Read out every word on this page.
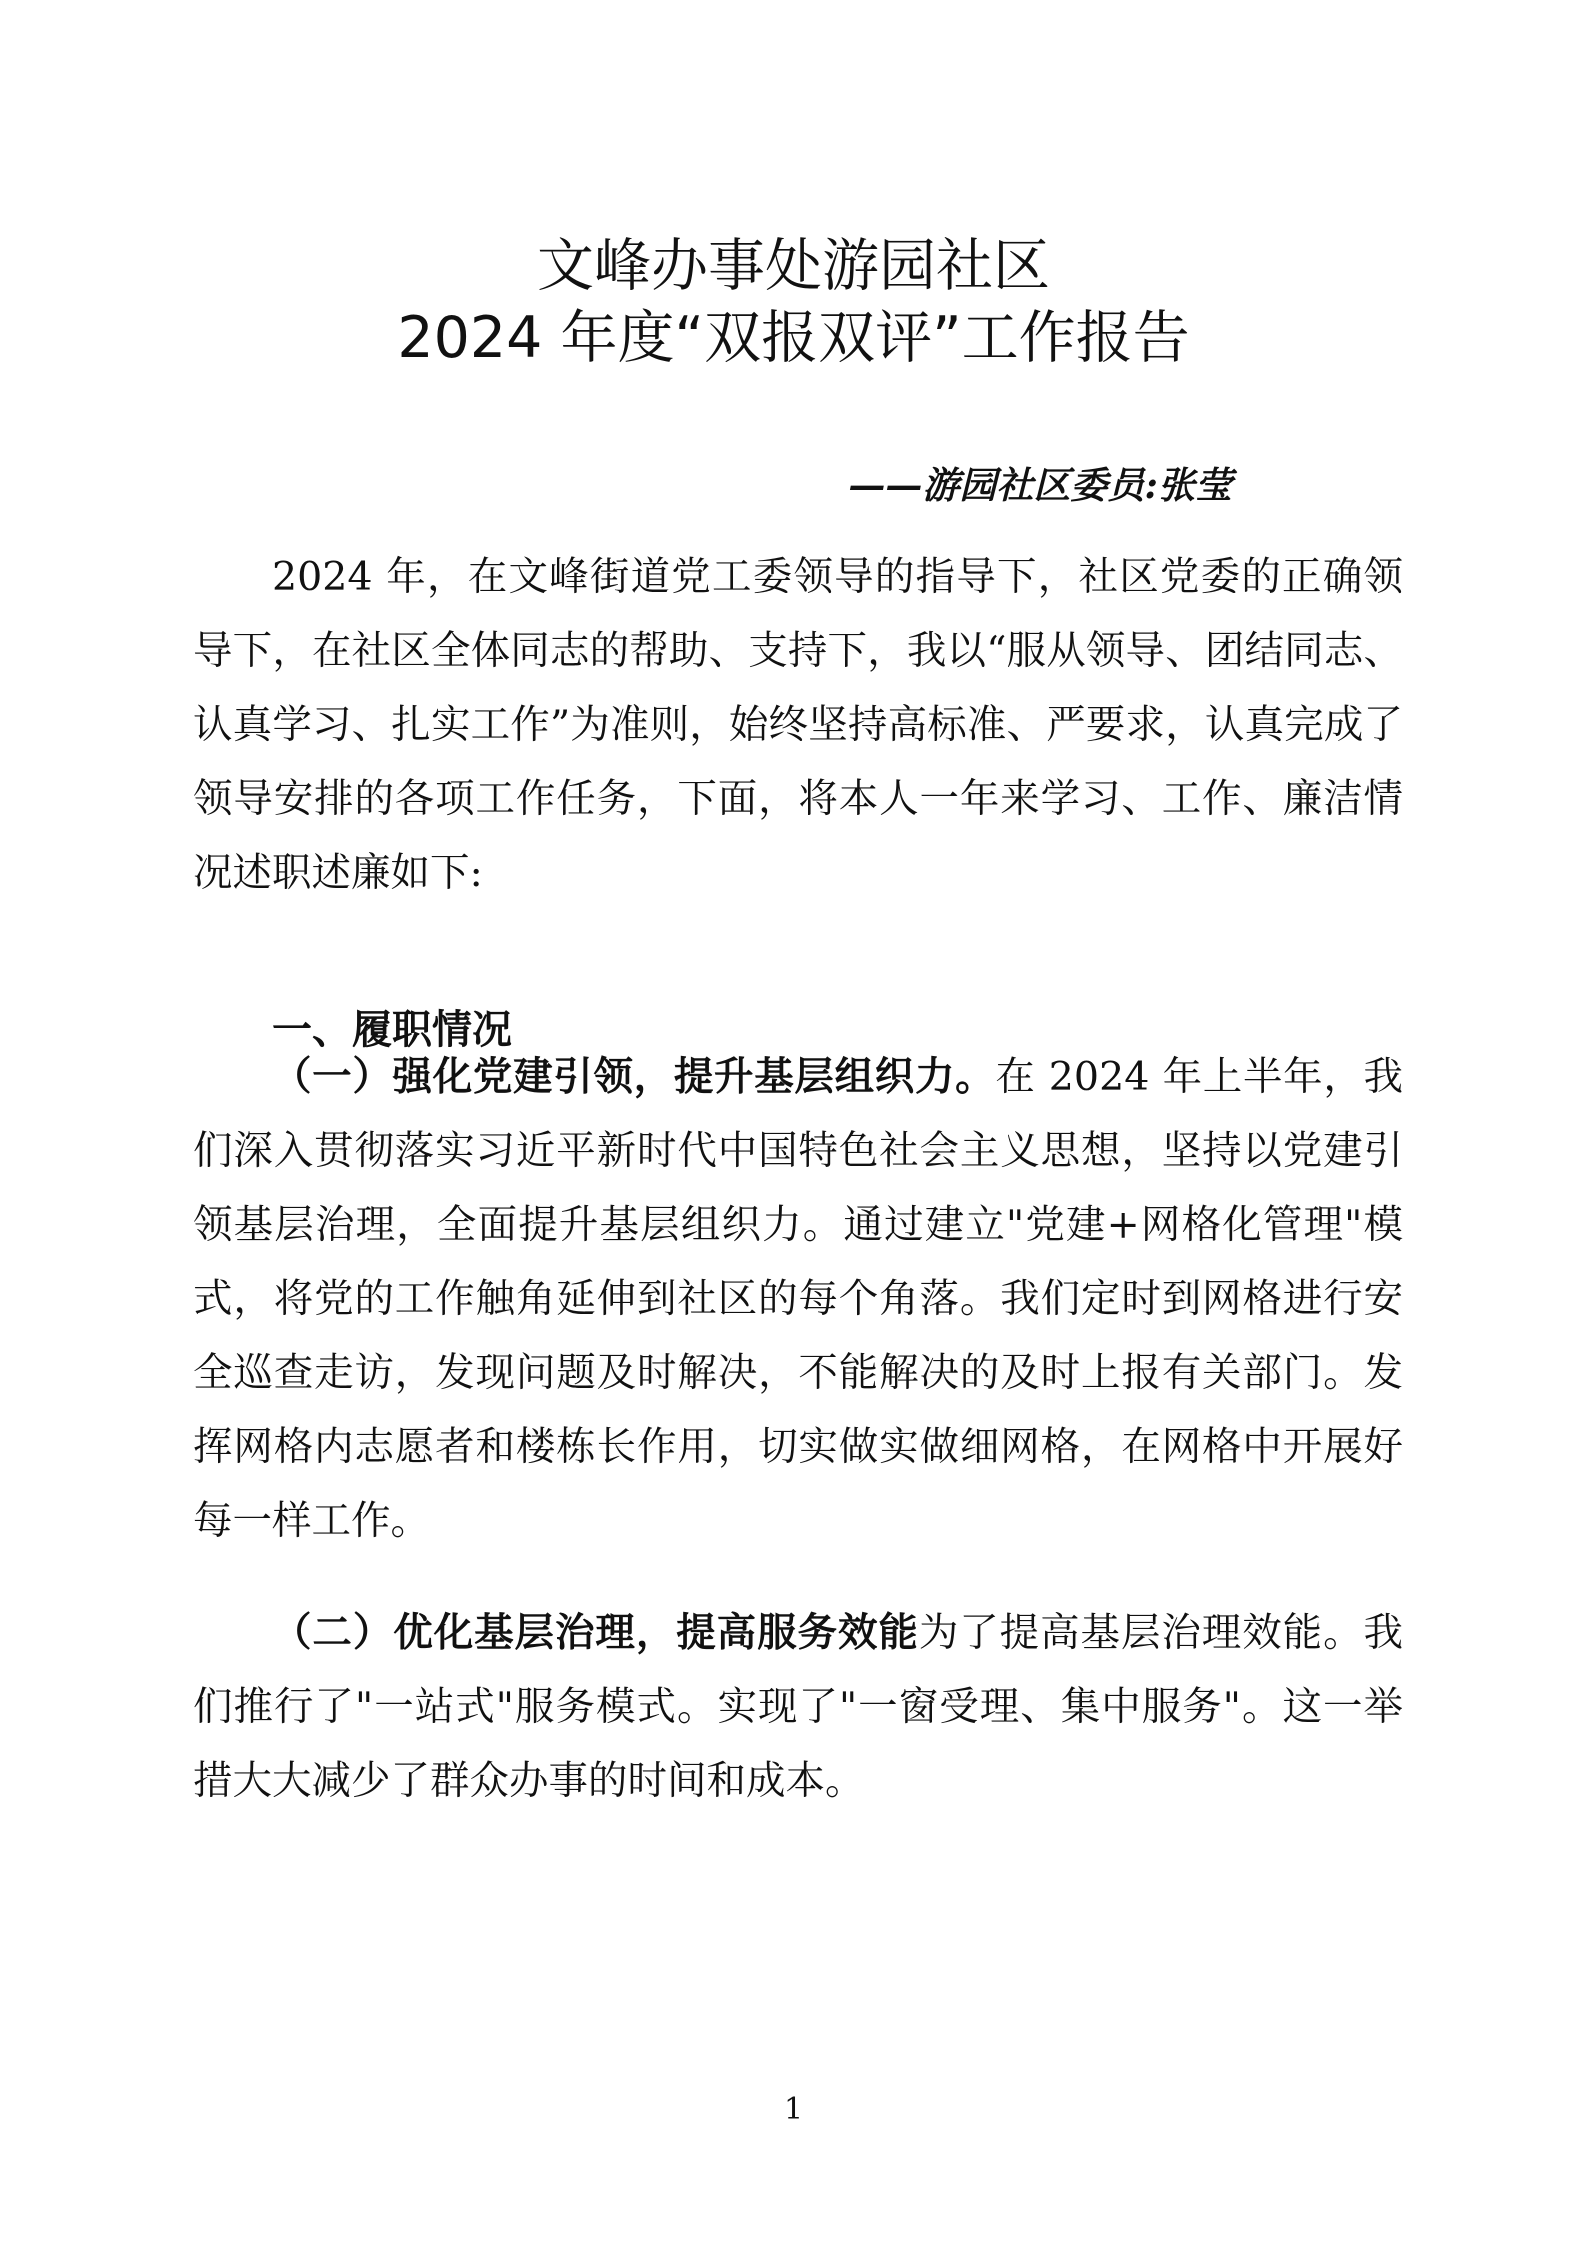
文峰办事处游园社区
2024 年度“双报双评”工作报告

——游园社区委员:张莹

2024 年，在文峰街道党工委领导的指导下，社区党委的正确领导下，在社区全体同志的帮助、支持下，我以“服从领导、团结同志、认真学习、扎实工作”为准则，始终坚持高标准、严要求，认真完成了领导安排的各项工作任务，下面，将本人一年来学习、工作、廉洁情况述职述廉如下:

一、履职情况

（一）强化党建引领，提升基层组织力。在 2024 年上半年，我们深入贯彻落实习近平新时代中国特色社会主义思想，坚持以党建引领基层治理，全面提升基层组织力。通过建立"党建+网格化管理"模式，将党的工作触角延伸到社区的每个角落。我们定时到网格进行安全巡查走访，发现问题及时解决，不能解决的及时上报有关部门。发挥网格内志愿者和楼栋长作用，切实做实做细网格，在网格中开展好每一样工作。

（二）优化基层治理，提高服务效能为了提高基层治理效能。我们推行了"一站式"服务模式。实现了"一窗受理、集中服务"。这一举措大大减少了群众办事的时间和成本。

1
